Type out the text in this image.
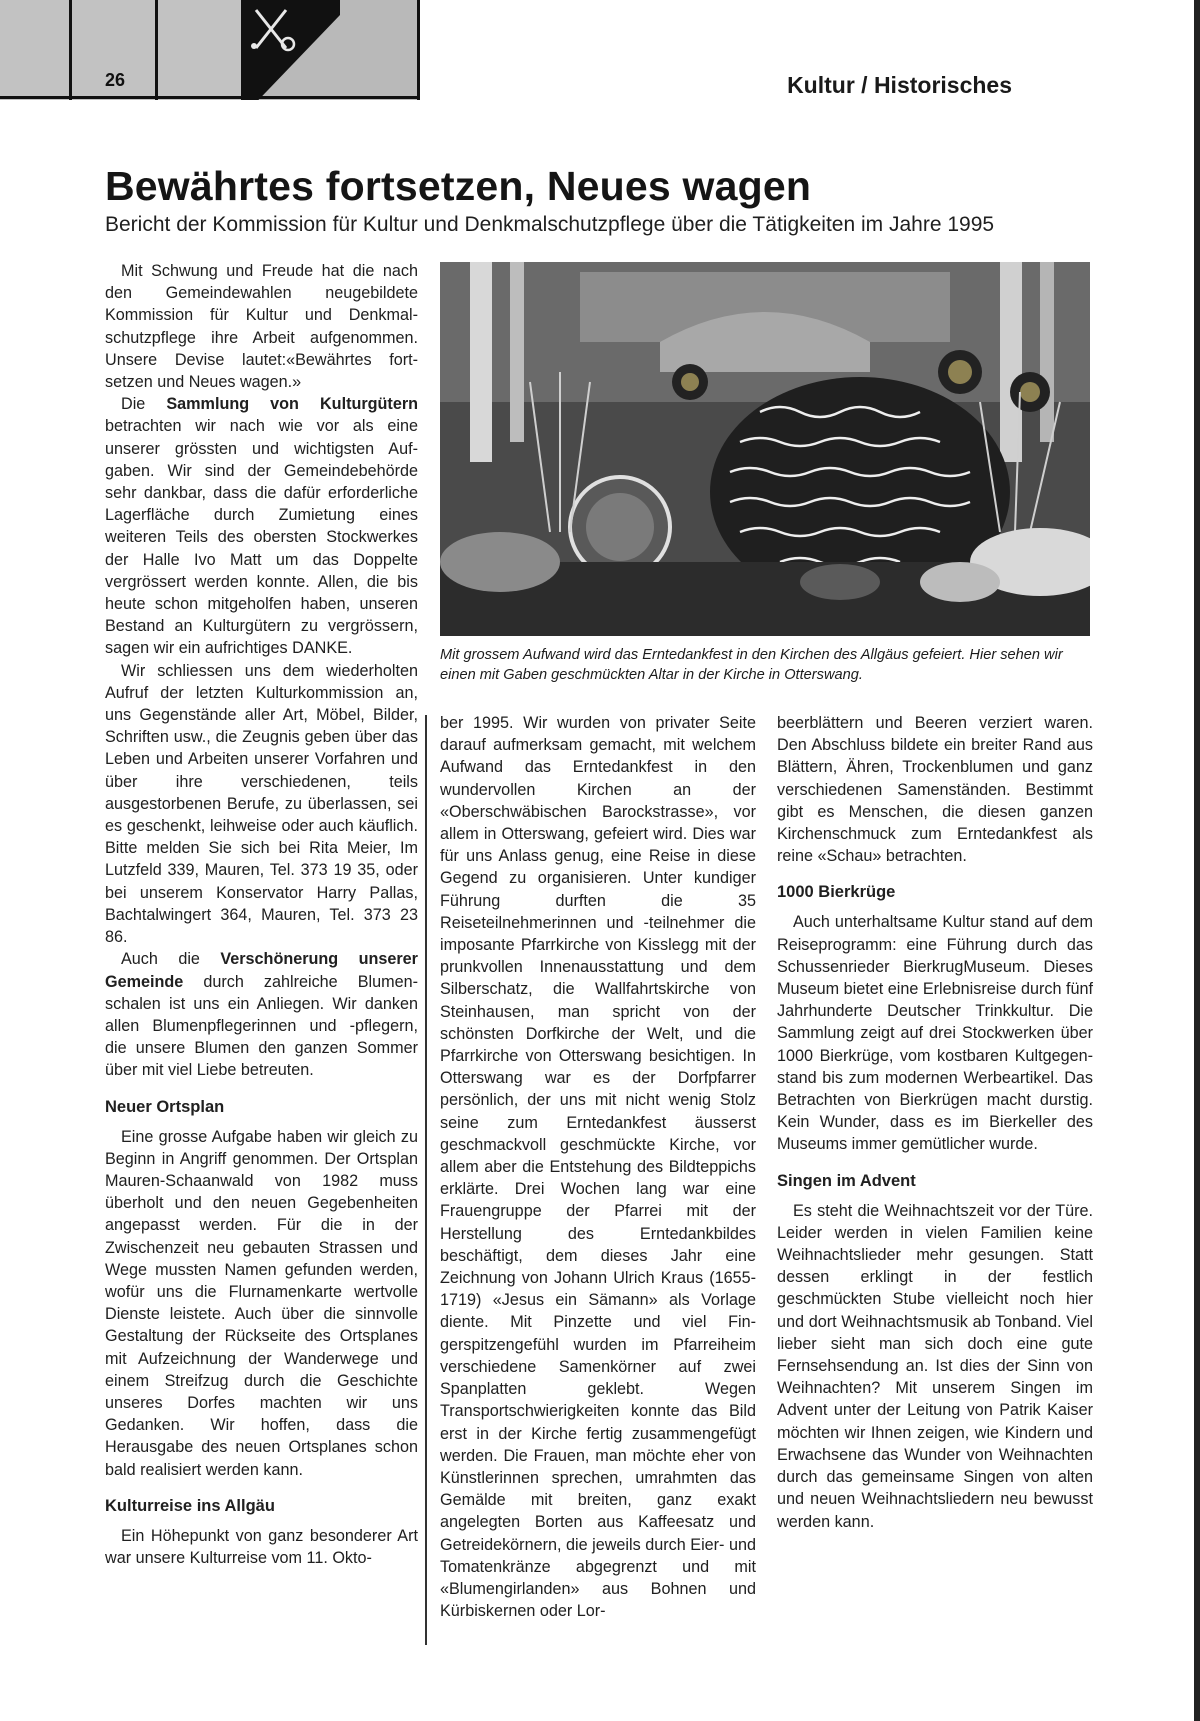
26	Kultur / Historisches
Bewährtes fortsetzen, Neues wagen
Bericht der Kommission für Kultur und Denkmalschutzpflege über die Tätigkeiten im Jahre 1995

Mit Schwung und Freude hat die nach den Gemeindewahlen neugebildete Kommission für Kultur und Denkmalschutzpflege ihre Arbeit aufgenommen. Unsere Devise lautet:«Bewährtes fortsetzen und Neues wagen.»

Die Sammlung von Kulturgütern betrachten wir nach wie vor als eine unserer grössten und wichtigsten Aufgaben. Wir sind der Gemeindebehörde sehr dankbar, dass die dafür erforderliche Lagerfläche durch Zumietung eines weiteren Teils des obersten Stockwerkes der Halle Ivo Matt um das Doppelte vergrössert werden konnte. Allen, die bis heute schon mitgeholfen haben, unseren Bestand an Kulturgütern zu vergrössern, sagen wir ein aufrichtiges DANKE.

Wir schliessen uns dem wiederholten Aufruf der letzten Kulturkommission an, uns Gegenstände aller Art, Möbel, Bilder, Schriften usw., die Zeugnis geben über das Leben und Arbeiten unserer Vorfahren und über ihre verschiedenen, teils ausgestorbenen Berufe, zu überlassen, sei es geschenkt, leihweise oder auch käuflich. Bitte melden Sie sich bei Rita Meier, Im Lutzfeld 339, Mauren, Tel. 373 19 35, oder bei unserem Konservator Harry Pallas, Bachtalwingert 364, Mauren, Tel. 373 23 86.

Auch die Verschönerung unserer Gemeinde durch zahlreiche Blumenschalen ist uns ein Anliegen. Wir danken allen Blumenpflegerinnen und -pflegern, die unsere Blumen den ganzen Sommer über mit viel Liebe betreuten.

Neuer Ortsplan

Eine grosse Aufgabe haben wir gleich zu Beginn in Angriff genommen. Der Ortsplan Mauren-Schaanwald von 1982 muss überholt und den neuen Gegebenheiten angepasst werden. Für die in der Zwischenzeit neu gebauten Strassen und Wege mussten Namen gefunden werden, wofür uns die Flurnamenkarte wertvolle Dienste leistete. Auch über die sinnvolle Gestaltung der Rückseite des Ortsplanes mit Aufzeichnung der Wanderwege und einem Streifzug durch die Geschichte unseres Dorfes machten wir uns Gedanken. Wir hoffen, dass die Herausgabe des neuen Ortsplanes schon bald realisiert werden kann.

Kulturreise ins Allgäu

Ein Höhepunkt von ganz besonderer Art war unsere Kulturreise vom 11. Okto-

Mit grossem Aufwand wird das Erntedankfest in den Kirchen des Allgäus gefeiert. Hier sehen wir einen mit Gaben geschmückten Altar in der Kirche in Otterswang.

ber 1995. Wir wurden von privater Seite darauf aufmerksam gemacht, mit welchem Aufwand das Erntedankfest in den wundervollen Kirchen an der «Oberschwäbischen Barockstrasse», vor allem in Otterswang, gefeiert wird. Dies war für uns Anlass genug, eine Reise in diese Gegend zu organisieren. Unter kundiger Führung durften die 35 Reiseteilnehmerinnen und -teilnehmer die imposante Pfarrkirche von Kisslegg mit der prunkvollen Innenausstattung und dem Silberschatz, die Wallfahrtskirche von Steinhausen, man spricht von der schönsten Dorfkirche der Welt, und die Pfarrkirche von Otterswang besichtigen. In Otterswang war es der Dorfpfarrer persönlich, der uns mit nicht wenig Stolz seine zum Erntedankfest äusserst geschmackvoll geschmückte Kirche, vor allem aber die Entstehung des Bildteppichs erklärte. Drei Wochen lang war eine Frauengruppe der Pfarrei mit der Herstellung des Erntedankbildes beschäftigt, dem dieses Jahr eine Zeichnung von Johann Ulrich Kraus (1655-1719) «Jesus ein Sämann» als Vorlage diente. Mit Pinzette und viel Fingerspitzengefühl wurden im Pfarreiheim verschiedene Samenkörner auf zwei Spanplatten geklebt. Wegen Transportschwierigkeiten konnte das Bild erst in der Kirche fertig zusammengefügt werden. Die Frauen, man möchte eher von Künstlerinnen sprechen, umrahmten das Gemälde mit breiten, ganz exakt angelegten Borten aus Kaffeesatz und Getreidekörnern, die jeweils durch Eier- und Tomatenkränze abgegrenzt und mit «Blumengirlanden» aus Bohnen und Kürbiskernen oder Lor-

beerblättern und Beeren verziert waren. Den Abschluss bildete ein breiter Rand aus Blättern, Ähren, Trockenblumen und ganz verschiedenen Samenständen. Bestimmt gibt es Menschen, die diesen ganzen Kirchenschmuck zum Erntedankfest als reine «Schau» betrachten.

1000 Bierkrüge

Auch unterhaltsame Kultur stand auf dem Reiseprogramm: eine Führung durch das Schussenrieder BierkrugMuseum. Dieses Museum bietet eine Erlebnisreise durch fünf Jahrhunderte Deutscher Trinkkultur. Die Sammlung zeigt auf drei Stockwerken über 1000 Bierkrüge, vom kostbaren Kultgegenstand bis zum modernen Werbeartikel. Das Betrachten von Bierkrügen macht durstig. Kein Wunder, dass es im Bierkeller des Museums immer gemütlicher wurde.

Singen im Advent

Es steht die Weihnachtszeit vor der Türe. Leider werden in vielen Familien keine Weihnachtslieder mehr gesungen. Statt dessen erklingt in der festlich geschmückten Stube vielleicht noch hier und dort Weihnachtsmusik ab Tonband. Viel lieber sieht man sich doch eine gute Fernsehsendung an. Ist dies der Sinn von Weihnachten? Mit unserem Singen im Advent unter der Leitung von Patrik Kaiser möchten wir Ihnen zeigen, wie Kindern und Erwachsene das Wunder von Weihnachten durch das gemeinsame Singen von alten und neuen Weihnachtsliedern neu bewusst werden kann.
